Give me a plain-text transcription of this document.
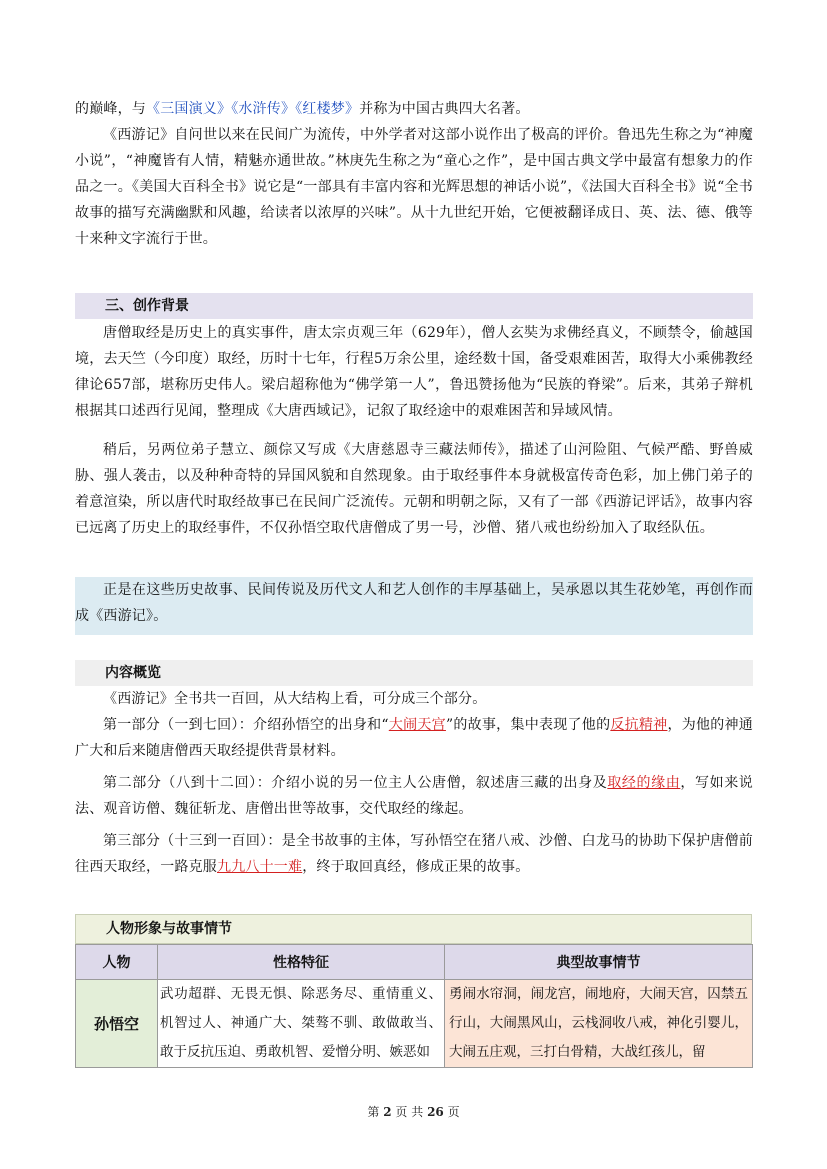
的巅峰，与《三国演义》《水浒传》《红楼梦》并称为中国古典四大名著。

《西游记》自问世以来在民间广为流传，中外学者对这部小说作出了极高的评价。鲁迅先生称之为“神魔小说”，“神魔皆有人情，精魅亦通世故。”林庚先生称之为“童心之作”，是中国古典文学中最富有想象力的作品之一。《美国大百科全书》说它是“一部具有丰富内容和光辉思想的神话小说”，《法国大百科全书》说“全书故事的描写充满幽默和风趣，给读者以浓厚的兴味”。从十九世纪开始，它便被翻译成日、英、法、德、俄等十来种文字流行于世。

三、创作背景

唐僧取经是历史上的真实事件，唐太宗贞观三年（629年），僧人玄奘为求佛经真义，不顾禁令，偷越国境，去天竺（今印度）取经，历时十七年，行程5万余公里，途经数十国，备受艰难困苦，取得大小乘佛教经律论657部，堪称历史伟人。梁启超称他为“佛学第一人”，鲁迅赞扬他为“民族的脊梁”。后来，其弟子辩机根据其口述西行见闻，整理成《大唐西域记》，记叙了取经途中的艰难困苦和异域风情。

稍后，另两位弟子慧立、颜倧又写成《大唐慈恩寺三藏法师传》，描述了山河险阻、气候严酷、野兽威胁、强人袭击，以及种种奇特的异国风貌和自然现象。由于取经事件本身就极富传奇色彩，加上佛门弟子的着意渲染，所以唐代时取经故事已在民间广泛流传。元朝和明朝之际，又有了一部《西游记评话》，故事内容已远离了历史上的取经事件，不仅孙悟空取代唐僧成了男一号，沙僧、猪八戒也纷纷加入了取经队伍。

正是在这些历史故事、民间传说及历代文人和艺人创作的丰厚基础上，吴承恩以其生花妙笔，再创作而成《西游记》。

内容概览

《西游记》全书共一百回，从大结构上看，可分成三个部分。

第一部分（一到七回）：介绍孙悟空的出身和“大闹天宫”的故事，集中表现了他的反抗精神，为他的神通广大和后来随唐僧西天取经提供背景材料。

第二部分（八到十二回）：介绍小说的另一位主人公唐僧，叙述唐三藏的出身及取经的缘由，写如来说法、观音访僧、魏征斩龙、唐僧出世等故事，交代取经的缘起。

第三部分（十三到一百回）：是全书故事的主体，写孙悟空在猪八戒、沙僧、白龙马的协助下保护唐僧前往西天取经，一路克服九九八十一难，终于取回真经，修成正果的故事。

人物形象与故事情节
人物	性格特征	典型故事情节
孙悟空	武功超群、无畏无惧、除恶务尽、重情重义、机智过人、神通广大、桀骜不驯、敢做敢当、敢于反抗压迫、勇敢机智、爱憎分明、嫉恶如	勇闹水帘洞，闹龙宫，闹地府，大闹天宫，囚禁五行山，大闹黑风山，云栈洞收八戒，神化引婴儿，大闹五庄观，三打白骨精，大战红孩儿，留
第 2 页 共 26 页
